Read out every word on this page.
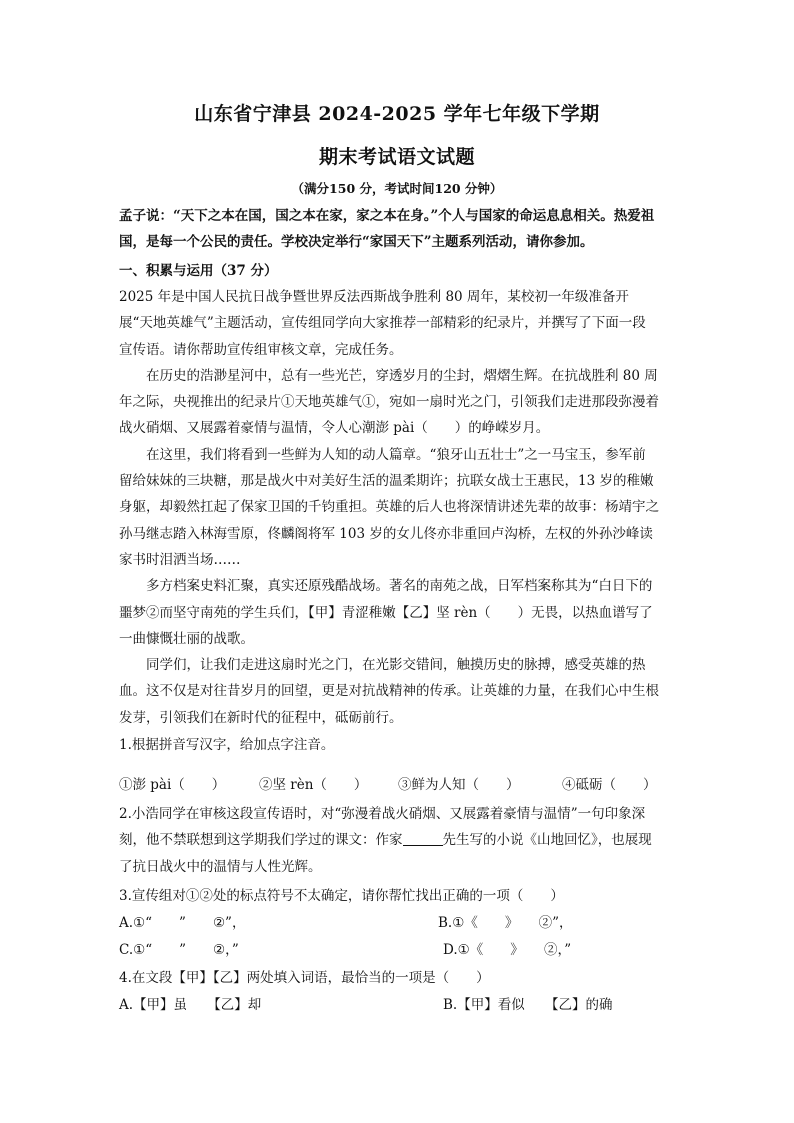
山东省宁津县 2024-2025 学年七年级下学期
期末考试语文试题
（满分150 分，考试时间120 分钟）

孟子说：“天下之本在国，国之本在家，家之本在身。”个人与国家的命运息息相关。热爱祖国，是每一个公民的责任。学校决定举行“家国天下”主题系列活动，请你参加。

一、积累与运用（37 分）

2025 年是中国人民抗日战争暨世界反法西斯战争胜利 80 周年，某校初一年级准备开展“天地英雄气”主题活动，宣传组同学向大家推荐一部精彩的纪录片，并撰写了下面一段宣传语。请你帮助宣传组审核文章，完成任务。

在历史的浩渺星河中，总有一些光芒，穿透岁月的尘封，熠熠生辉。在抗战胜利 80 周年之际，央视推出的纪录片①天地英雄气①，宛如一扇时光之门，引领我们走进那段弥漫着战火硝烟、又展露着豪情与温情，令人心潮澎 pài（　　）的峥嵘岁月。

在这里，我们将看到一些鲜为人知的动人篇章。“狼牙山五壮士”之一马宝玉，参军前留给妹妹的三块糖，那是战火中对美好生活的温柔期许；抗联女战士王惠民，13 岁的稚嫩身躯，却毅然扛起了保家卫国的千钧重担。英雄的后人也将深情讲述先辈的故事：杨靖宇之孙马继志踏入林海雪原，佟麟阁将军 103 岁的女儿佟亦非重回卢沟桥，左权的外孙沙峰读家书时泪洒当场……

多方档案史料汇聚，真实还原残酷战场。著名的南苑之战，日军档案称其为“白日下的噩梦②而坚守南苑的学生兵们，【甲】青涩稚嫩【乙】坚 rèn（　　）无畏，以热血谱写了一曲慷慨壮丽的战歌。

同学们，让我们走进这扇时光之门，在光影交错间，触摸历史的脉搏，感受英雄的热血。这不仅是对往昔岁月的回望，更是对抗战精神的传承。让英雄的力量，在我们心中生根发芽，引领我们在新时代的征程中，砥砺前行。

1.根据拼音写汉字，给加点字注音。

①澎 pài（　　） ②坚 rèn（　　） ③鲜为人知（　　）	④砥砺（　　）

2.小浩同学在审核这段宣传语时，对“弥漫着战火硝烟、又展露着豪情与温情”一句印象深刻，他不禁联想到这学期我们学过的课文：作家	先生写的小说《山地回忆》，也展现了抗日战火中的温情与人性光辉。

3.宣传组对①②处的标点符号不太确定，请你帮忙找出正确的一项（　　）

A.①“　　”　　②”，	B.①《　　》　　②”，
C.①“　　”　　②，”	D.①《　　》　　②，”

4.在文段【甲】【乙】两处填入词语，最恰当的一项是（　　）

A.【甲】虽　　【乙】却	B.【甲】看似　　【乙】的确
